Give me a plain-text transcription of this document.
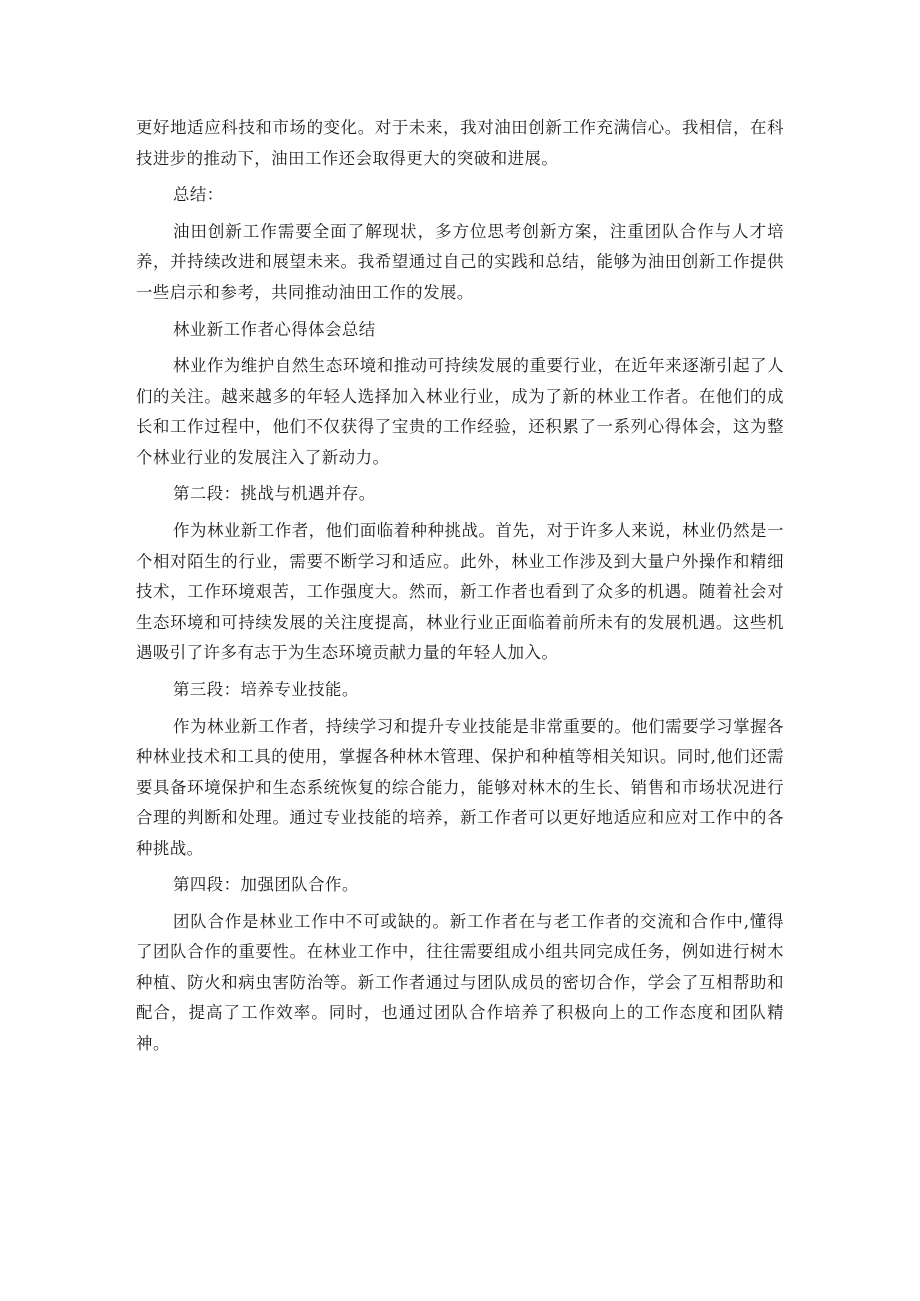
更好地适应科技和市场的变化。对于未来，我对油田创新工作充满信心。我相信，在科技进步的推动下，油田工作还会取得更大的突破和进展。

总结：

油田创新工作需要全面了解现状，多方位思考创新方案，注重团队合作与人才培养，并持续改进和展望未来。我希望通过自己的实践和总结，能够为油田创新工作提供一些启示和参考，共同推动油田工作的发展。

林业新工作者心得体会总结

林业作为维护自然生态环境和推动可持续发展的重要行业，在近年来逐渐引起了人们的关注。越来越多的年轻人选择加入林业行业，成为了新的林业工作者。在他们的成长和工作过程中，他们不仅获得了宝贵的工作经验，还积累了一系列心得体会，这为整个林业行业的发展注入了新动力。

第二段：挑战与机遇并存。

作为林业新工作者，他们面临着种种挑战。首先，对于许多人来说，林业仍然是一个相对陌生的行业，需要不断学习和适应。此外，林业工作涉及到大量户外操作和精细技术，工作环境艰苦，工作强度大。然而，新工作者也看到了众多的机遇。随着社会对生态环境和可持续发展的关注度提高，林业行业正面临着前所未有的发展机遇。这些机遇吸引了许多有志于为生态环境贡献力量的年轻人加入。

第三段：培养专业技能。

作为林业新工作者，持续学习和提升专业技能是非常重要的。他们需要学习掌握各种林业技术和工具的使用，掌握各种林木管理、保护和种植等相关知识。同时,他们还需要具备环境保护和生态系统恢复的综合能力，能够对林木的生长、销售和市场状况进行合理的判断和处理。通过专业技能的培养，新工作者可以更好地适应和应对工作中的各种挑战。

第四段：加强团队合作。

团队合作是林业工作中不可或缺的。新工作者在与老工作者的交流和合作中,懂得了团队合作的重要性。在林业工作中，往往需要组成小组共同完成任务，例如进行树木种植、防火和病虫害防治等。新工作者通过与团队成员的密切合作，学会了互相帮助和配合，提高了工作效率。同时，也通过团队合作培养了积极向上的工作态度和团队精神。
